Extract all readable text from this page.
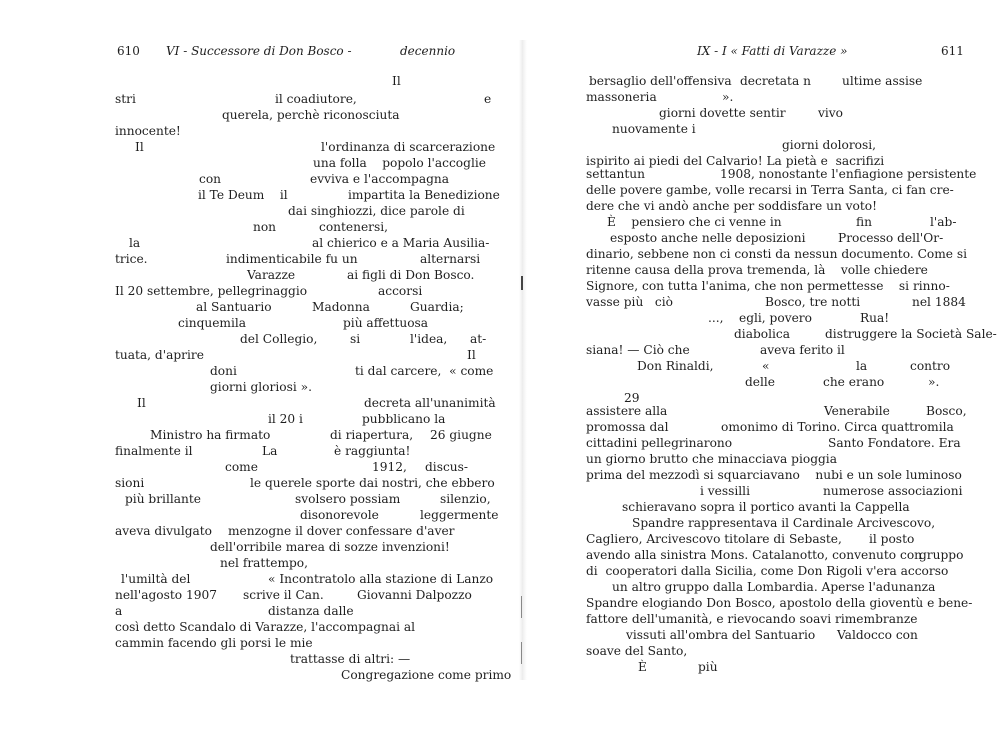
610 VI - Successore di Don Bosco -	decennio
Il
stri	il coadiutore,	e
querela, perchè riconosciuta
innocente!
Il	l'ordinanza di scarcerazione
una folla    popolo l'accoglie
con	evviva e l'accompagna
il Te Deum    il	impartita la Benedizione
dai singhiozzi, dice parole di
non	contenersi,
la	al chierico e a Maria Ausilia-
trice.	indimenticabile fu un	alternarsi
Varazze	ai figli di Don Bosco.
Il 20 settembre, pellegrinaggio	accorsi
al Santuario	Madonna	Guardia;
cinquemila	più affettuosa
del Collegio,	si	l'idea, at-
tuata, d'aprire	Il
doni	ti dal carcere,  « come
giorni gloriosi ».
Il	decreta all'unanimità
il 20 i	pubblicano la
Ministro ha firmato	di riapertura, 26 giugne
finalmente il	La	è raggiunta!
come	1912, discus-
sioni	le querele sporte dai nostri, che ebbero
più brillante	svolsero possiam	silenzio,
disonorevole	leggermente
aveva divulgato menzogne il dover confessare d'aver
dell'orribile marea di sozze invenzioni!
nel frattempo,
l'umiltà del	« Incontratolo alla stazione di Lanzo
nell'agosto 1907 scrive il Can.	Giovanni Dalpozzo
a	distanza dalle
così detto Scandalo di Varazze, l'accompagnai al
cammin facendo gli porsi le mie
trattasse di altri: —
Congregazione come primo
IX - I « Fatti di Varazze »	611
bersaglio dell'offensiva decretata n	ultime assise
massoneria	».
giorni dovette sentir	vivo
nuovamente i
giorni dolorosi,
ispirito ai piedi del Calvario! La pietà e  sacrifizi
settantun	1908, nonostante l'enfiagione persistente
delle povere gambe, volle recarsi in Terra Santa, ci fan cre-
dere che vi andò anche per soddisfare un voto!
È    pensiero che ci venne in	fin	l'ab-
esposto anche nelle deposizioni	Processo dell'Or-
dinario, sebbene non ci consti da nessun documento. Come si
ritenne causa della prova tremenda, là    volle chiedere
Signore, con tutta l'anima, che non permettesse    si rinno-
vasse più   ciò	Bosco, tre notti	nel 1884
...,    egli, povero	Rua!
diabolica	distruggere la Società Sale-
siana! — Ciò che	aveva ferito il
Don Rinaldi,	«	la	contro
delle	che erano	».
29
assistere alla	Venerabile	Bosco,
promossa dal	omonimo di Torino. Circa quattromila
cittadini pellegrinarono	Santo Fondatore. Era
un giorno brutto che minacciava pioggia
prima del mezzodì si squarciavano    nubi e un sole luminoso
i vessilli	numerose associazioni
schieravano sopra il portico avanti la Cappella
Spandre rappresentava il Cardinale Arcivescovo,
Cagliero, Arcivescovo titolare di Sebaste, il posto
avendo alla sinistra Mons. Catalanotto, convenuto con
gruppo
di  cooperatori dalla Sicilia, come Don Rigoli v'era accorso
un altro gruppo dalla Lombardia. Aperse l'adunanza
Spandre elogiando Don Bosco, apostolo della gioventù e bene-
fattore dell'umanità, e rievocando soavi rimembranze
vissuti all'ombra del Santuario Valdocco con
soave del Santo,
È	più
